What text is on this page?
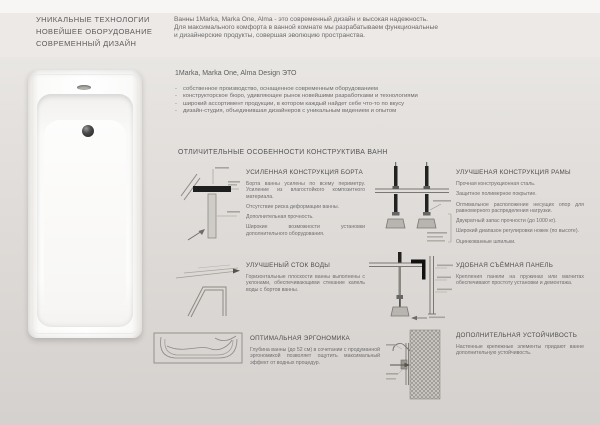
УНИКАЛЬНЫЕ ТЕХНОЛОГИИ
НОВЕЙШЕЕ ОБОРУДОВАНИЕ
СОВРЕМЕННЫЙ ДИЗАЙН
Ванны 1Marka, Marka One, Alma - это современный дизайн и высокая надежность.
Для максимального комфорта в ванной комнате мы разрабатываем функциональные
и дизайнерские продукты, совершая эволюцию пространства.
1Marka, Marka One, Alma Design ЭТО
-	собственное производство, оснащенное современным оборудованием
-	конструкторское бюро, удивляющее рынок новейшими разработками и технологиями
-	широкий ассортимент продукции, в котором каждый найдет себе что-то по вкусу
-	дизайн-студия, объединившая дизайнеров с уникальным видением и опытом
ОТЛИЧИТЕЛЬНЫЕ ОСОБЕННОСТИ КОНСТРУКТИВА ВАНН
УСИЛЕННАЯ КОНСТРУКЦИЯ БОРТА

Борта ванны усилены по всему периметру. Усиление из влагостойкого композитного материала.

Отсутствие риска деформации ванны.

Дополнительная прочность.

Широкие возможности установки дополнительного оборудования.

УЛУЧШЕНЫЙ СТОК ВОДЫ

Горизонтальные плоскости ванны выполнены с уклонами, обеспечивающими стекание капель воды с бортов ванны.

ОПТИМАЛЬНАЯ ЭРГОНОМИКА

Глубина ванны (до 52 см) в сочетании с продуманной эргономикой позволяет ощутить максимальный эффект от водных процедур.

УЛУЧШЕНАЯ КОНСТРУКЦИЯ РАМЫ

Прочная конструкционная сталь.

Защитное полимерное покрытие.

Оптимальное расположение несущих опор для равномерного распределения нагрузки.

Двукратный запас прочности (до 1000 кг).

Широкий диапазон регулировки ножек (по высоте).

Оцинкованные шпильки.

УДОБНАЯ СЪЁМНАЯ ПАНЕЛЬ

Крепления панели на пружинах или магнитах обеспечивают простоту установки и демонтажа.

ДОПОЛНИТЕЛЬНАЯ УСТОЙЧИВОСТЬ

Настенные крепежные элементы придают ванне дополнительную устойчивость.
